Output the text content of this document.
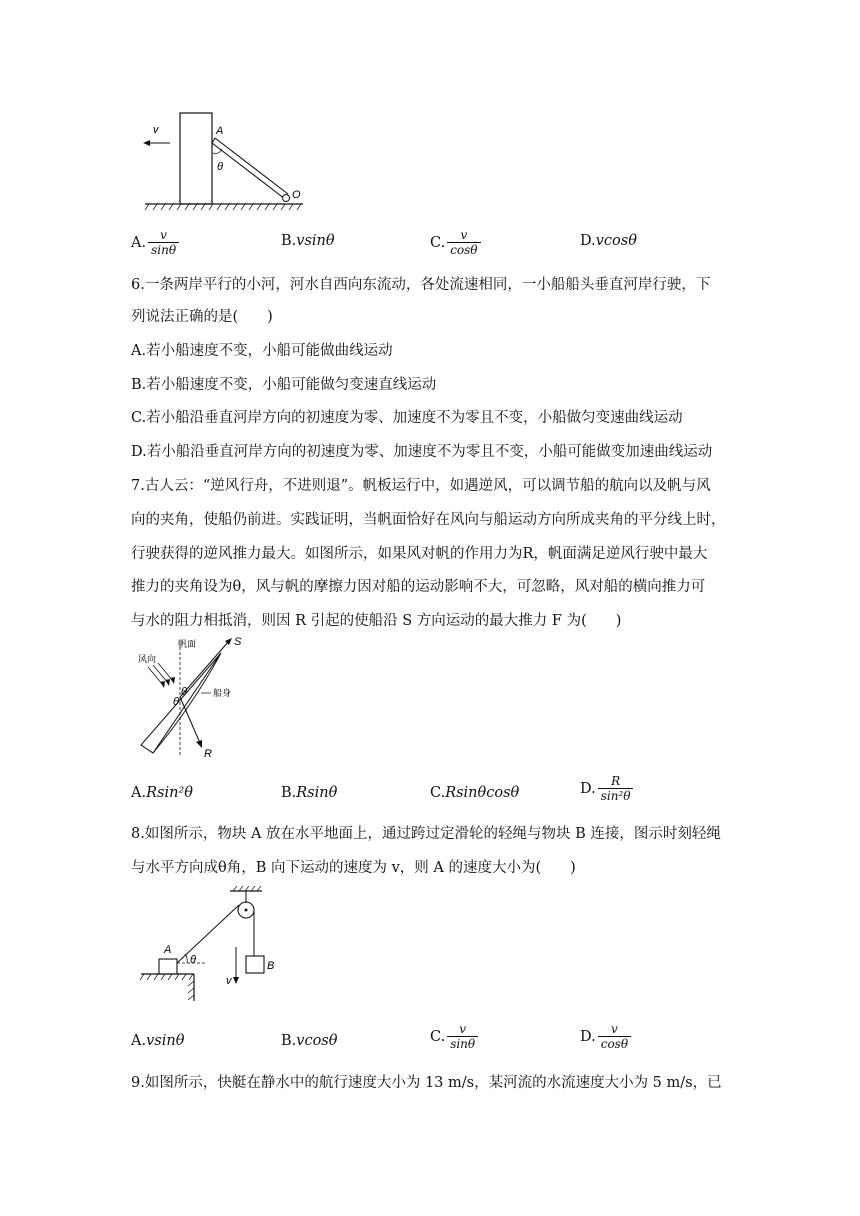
v	A
θ
O
A. $\frac{v}{\sin\theta}$	B. vsinθ	C. $\frac{v}{\cos\theta}$	D. vcosθ
6.一条两岸平行的小河，河水自西向东流动，各处流速相同，一小船船头垂直河岸行驶，下
列说法正确的是(　　)
A.若小船速度不变，小船可能做曲线运动
B.若小船速度不变，小船可能做匀变速直线运动
C.若小船沿垂直河岸方向的初速度为零、加速度不为零且不变，小船做匀变速曲线运动
D.若小船沿垂直河岸方向的初速度为零、加速度不为零且不变，小船可能做变加速曲线运动
7.古人云：“逆风行舟，不进则退”。帆板运行中，如遇逆风，可以调节船的航向以及帆与风
向的夹角，使船仍前进。实践证明，当帆面恰好在风向与船运动方向所成夹角的平分线上时，
行驶获得的逆风推力最大。如图所示，如果风对帆的作用力为R，帆面满足逆风行驶中最大
推力的夹角设为θ，风与帆的摩擦力因对船的运动影响不大，可忽略，风对船的横向推力可
与水的阻力相抵消，则因 R 引起的使船沿 S 方向运动的最大推力 F 为(　　)
帆面
风向
船身
S
R
θ
θ
A. Rsin²θ	B. Rsinθ	C. Rsinθcosθ	D. $\frac{R}{\text{sin²θ}}$
8.如图所示，物块 A 放在水平地面上，通过跨过定滑轮的轻绳与物块 B 连接，图示时刻轻绳
与水平方向成θ角，B 向下运动的速度为 v，则 A 的速度大小为(　　)
A
B
θ
v
A. vsinθ	B. vcosθ	C. $\frac{v}{\sin\theta}$	D. $\frac{v}{\cos\theta}$
9.如图所示，快艇在静水中的航行速度大小为 13 m/s，某河流的水流速度大小为 5 m/s，已
